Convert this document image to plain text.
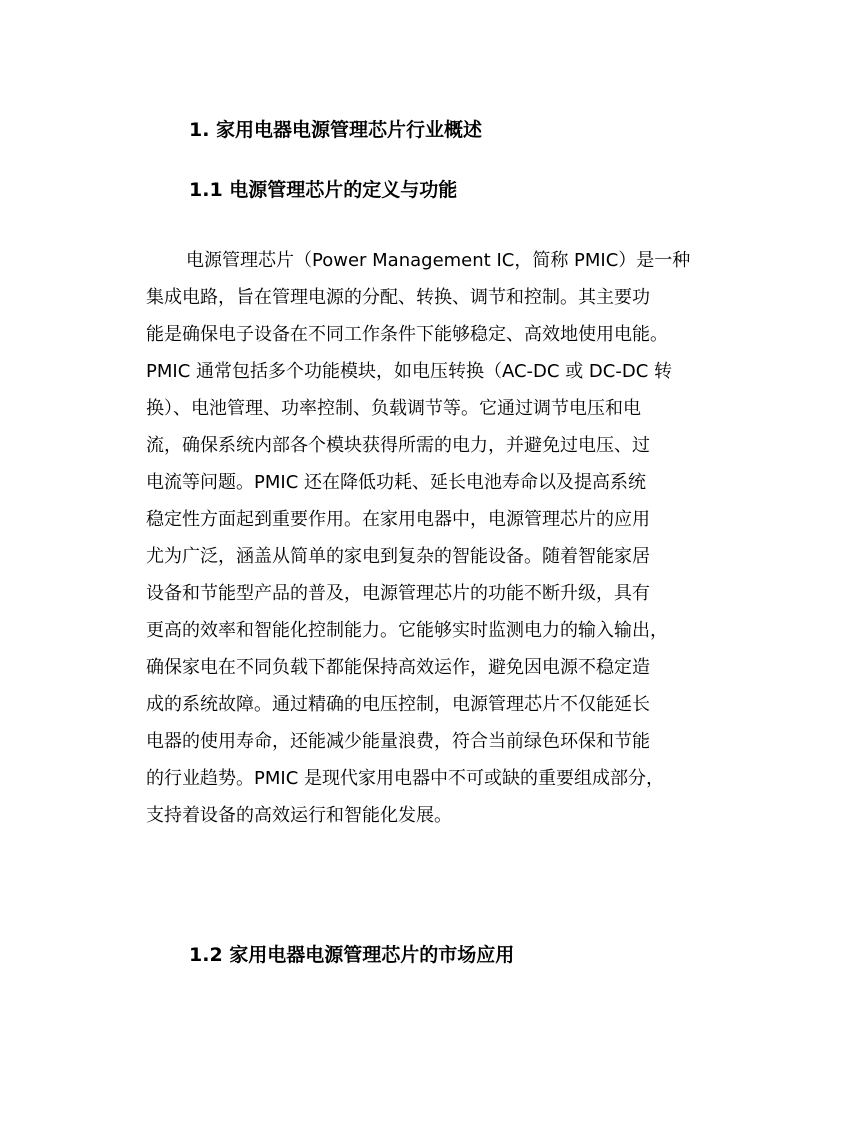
1. 家用电器电源管理芯片行业概述
1.1 电源管理芯片的定义与功能
电源管理芯片（Power Management IC，简称 PMIC）是一种
集成电路，旨在管理电源的分配、转换、调节和控制。其主要功
能是确保电子设备在不同工作条件下能够稳定、高效地使用电能。
PMIC 通常包括多个功能模块，如电压转换（AC-DC 或 DC-DC 转
换）、电池管理、功率控制、负载调节等。它通过调节电压和电
流，确保系统内部各个模块获得所需的电力，并避免过电压、过
电流等问题。PMIC 还在降低功耗、延长电池寿命以及提高系统
稳定性方面起到重要作用。在家用电器中，电源管理芯片的应用
尤为广泛，涵盖从简单的家电到复杂的智能设备。随着智能家居
设备和节能型产品的普及，电源管理芯片的功能不断升级，具有
更高的效率和智能化控制能力。它能够实时监测电力的输入输出，
确保家电在不同负载下都能保持高效运作，避免因电源不稳定造
成的系统故障。通过精确的电压控制，电源管理芯片不仅能延长
电器的使用寿命，还能减少能量浪费，符合当前绿色环保和节能
的行业趋势。PMIC 是现代家用电器中不可或缺的重要组成部分，
支持着设备的高效运行和智能化发展。
1.2 家用电器电源管理芯片的市场应用
